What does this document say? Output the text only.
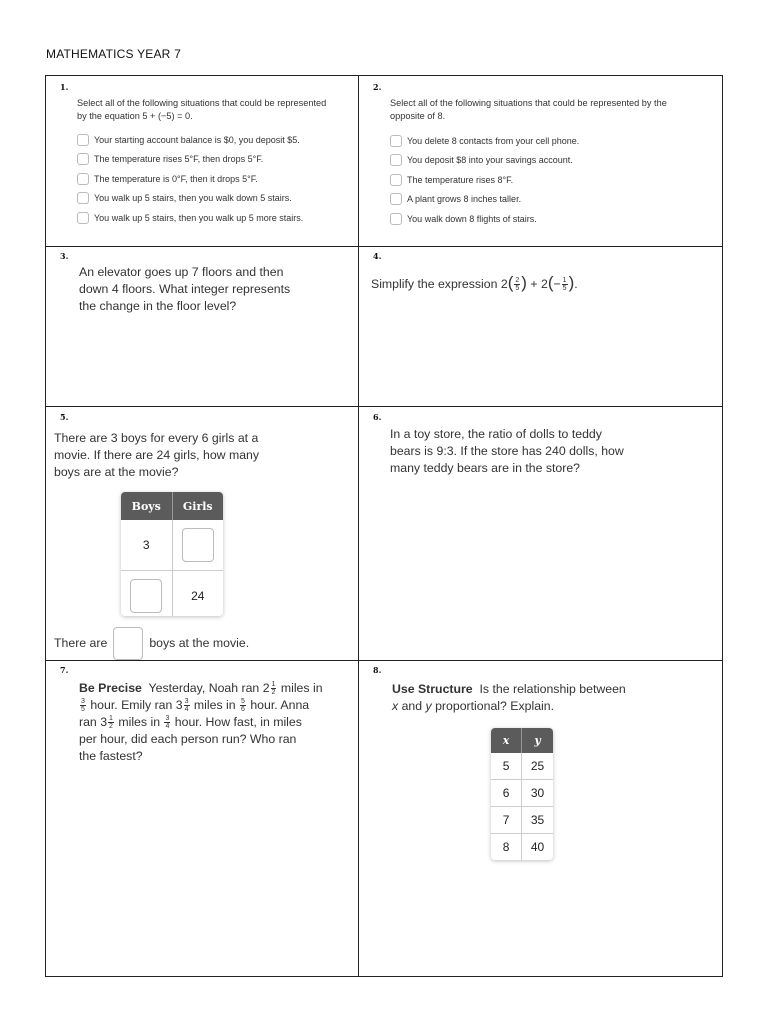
MATHEMATICS YEAR 7
1.
Select all of the following situations that could be represented
by the equation 5 + (−5) = 0.
Your starting account balance is $0, you deposit $5.
The temperature rises 5°F, then drops 5°F.
The temperature is 0°F, then it drops 5°F.
You walk up 5 stairs, then you walk down 5 stairs.
You walk up 5 stairs, then you walk up 5 more stairs.
2.
Select all of the following situations that could be represented by the
opposite of 8.
You delete 8 contacts from your cell phone.
You deposit $8 into your savings account.
The temperature rises 8°F.
A plant grows 8 inches taller.
You walk down 8 flights of stairs.
3.
An elevator goes up 7 floors and then
down 4 floors. What integer represents
the change in the floor level?
4.
Simplify the expression $2( \frac{2}{5}$ ) + $2(- \frac{1}{5}$ ).
5.
There are 3 boys for every 6 girls at a
movie. If there are 24 girls, how many
boys are at the movie?
Boys	Girls
3	
	24
There are	boys at the movie.
6.
In a toy store, the ratio of dolls to teddy
bears is 9:3. If the store has 240 dolls, how
many teddy bears are in the store?
7.
Be Precise Yesterday, Noah ran $2 \frac{1}{2}$ miles in
$\frac{3}{5}$ hour. Emily ran $3 \frac{3}{4}$ miles in $\frac{5}{6}$ hour. Anna
ran $3 \frac{1}{2}$ miles in $\frac{3}{4}$ hour. How fast, in miles
per hour, did each person run? Who ran
the fastest?
8.
Use Structure Is the relationship between
x and y proportional? Explain.
x	y
5	25
6	30
7	35
8	40
